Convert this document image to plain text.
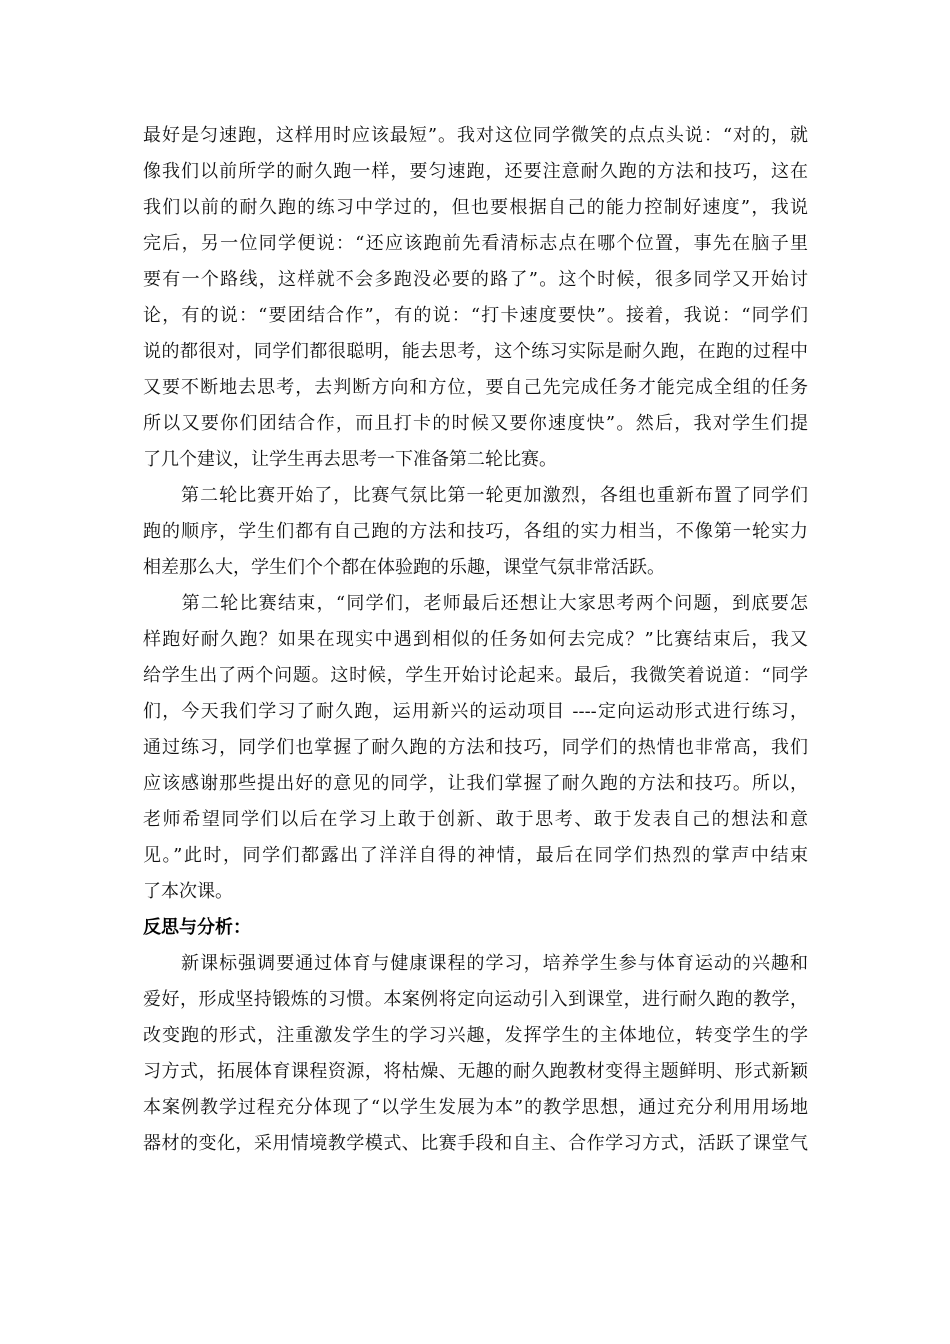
最好是匀速跑，这样用时应该最短”。我对这位同学微笑的点点头说：“对的，就
像我们以前所学的耐久跑一样，要匀速跑，还要注意耐久跑的方法和技巧，这在
我们以前的耐久跑的练习中学过的，但也要根据自己的能力控制好速度”，我说
完后，另一位同学便说：“还应该跑前先看清标志点在哪个位置，事先在脑子里
要有一个路线，这样就不会多跑没必要的路了”。这个时候，很多同学又开始讨
论，有的说：“要团结合作”，有的说：“打卡速度要快”。接着，我说：“同学们
说的都很对，同学们都很聪明，能去思考，这个练习实际是耐久跑，在跑的过程中
又要不断地去思考，去判断方向和方位，要自己先完成任务才能完成全组的任务
所以又要你们团结合作，而且打卡的时候又要你速度快”。然后，我对学生们提
了几个建议，让学生再去思考一下准备第二轮比赛。
　　第二轮比赛开始了，比赛气氛比第一轮更加激烈，各组也重新布置了同学们
跑的顺序，学生们都有自己跑的方法和技巧，各组的实力相当，不像第一轮实力
相差那么大，学生们个个都在体验跑的乐趣，课堂气氛非常活跃。
　　第二轮比赛结束，“同学们，老师最后还想让大家思考两个问题，到底要怎
样跑好耐久跑？如果在现实中遇到相似的任务如何去完成？”比赛结束后，我又
给学生出了两个问题。这时候，学生开始讨论起来。最后，我微笑着说道：“同学
们，今天我们学习了耐久跑，运用新兴的运动项目 ----定向运动形式进行练习，
通过练习，同学们也掌握了耐久跑的方法和技巧，同学们的热情也非常高，我们
应该感谢那些提出好的意见的同学，让我们掌握了耐久跑的方法和技巧。所以，
老师希望同学们以后在学习上敢于创新、敢于思考、敢于发表自己的想法和意
见。”此时，同学们都露出了洋洋自得的神情，最后在同学们热烈的掌声中结束
了本次课。
反思与分析：
　　新课标强调要通过体育与健康课程的学习，培养学生参与体育运动的兴趣和
爱好，形成坚持锻炼的习惯。本案例将定向运动引入到课堂，进行耐久跑的教学，
改变跑的形式，注重激发学生的学习兴趣，发挥学生的主体地位，转变学生的学
习方式，拓展体育课程资源，将枯燥、无趣的耐久跑教材变得主题鲜明、形式新颖
本案例教学过程充分体现了“以学生发展为本”的教学思想，通过充分利用用场地
器材的变化，采用情境教学模式、比赛手段和自主、合作学习方式，活跃了课堂气
